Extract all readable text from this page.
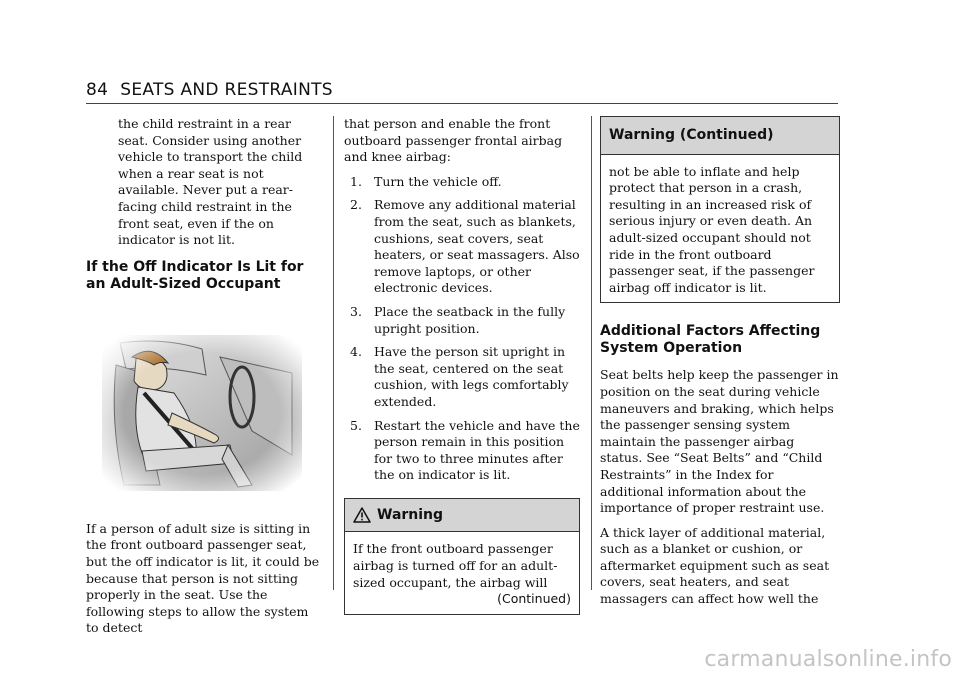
84 SEATS AND RESTRAINTS

the child restraint in a rear seat. Consider using another vehicle to transport the child when a rear seat is not available. Never put a rear-facing child restraint in the front seat, even if the on indicator is not lit.

If the Off Indicator Is Lit for an Adult-Sized Occupant

If a person of adult size is sitting in the front outboard passenger seat, but the off indicator is lit, it could be because that person is not sitting properly in the seat. Use the following steps to allow the system to detect

that person and enable the front outboard passenger frontal airbag and knee airbag:

1. Turn the vehicle off.
2. Remove any additional material from the seat, such as blankets, cushions, seat covers, seat heaters, or seat massagers. Also remove laptops, or other electronic devices.
3. Place the seatback in the fully upright position.
4. Have the person sit upright in the seat, centered on the seat cushion, with legs comfortably extended.
5. Restart the vehicle and have the person remain in this position for two to three minutes after the on indicator is lit.
Warning

If the front outboard passenger airbag is turned off for an adult-sized occupant, the airbag will

(Continued)
Warning (Continued)

not be able to inflate and help protect that person in a crash, resulting in an increased risk of serious injury or even death. An adult-sized occupant should not ride in the front outboard passenger seat, if the passenger airbag off indicator is lit.

Additional Factors Affecting System Operation

Seat belts help keep the passenger in position on the seat during vehicle maneuvers and braking, which helps the passenger sensing system maintain the passenger airbag status. See “Seat Belts” and “Child Restraints” in the Index for additional information about the importance of proper restraint use.

A thick layer of additional material, such as a blanket or cushion, or aftermarket equipment such as seat covers, seat heaters, and seat massagers can affect how well the

carmanualsonline.info
